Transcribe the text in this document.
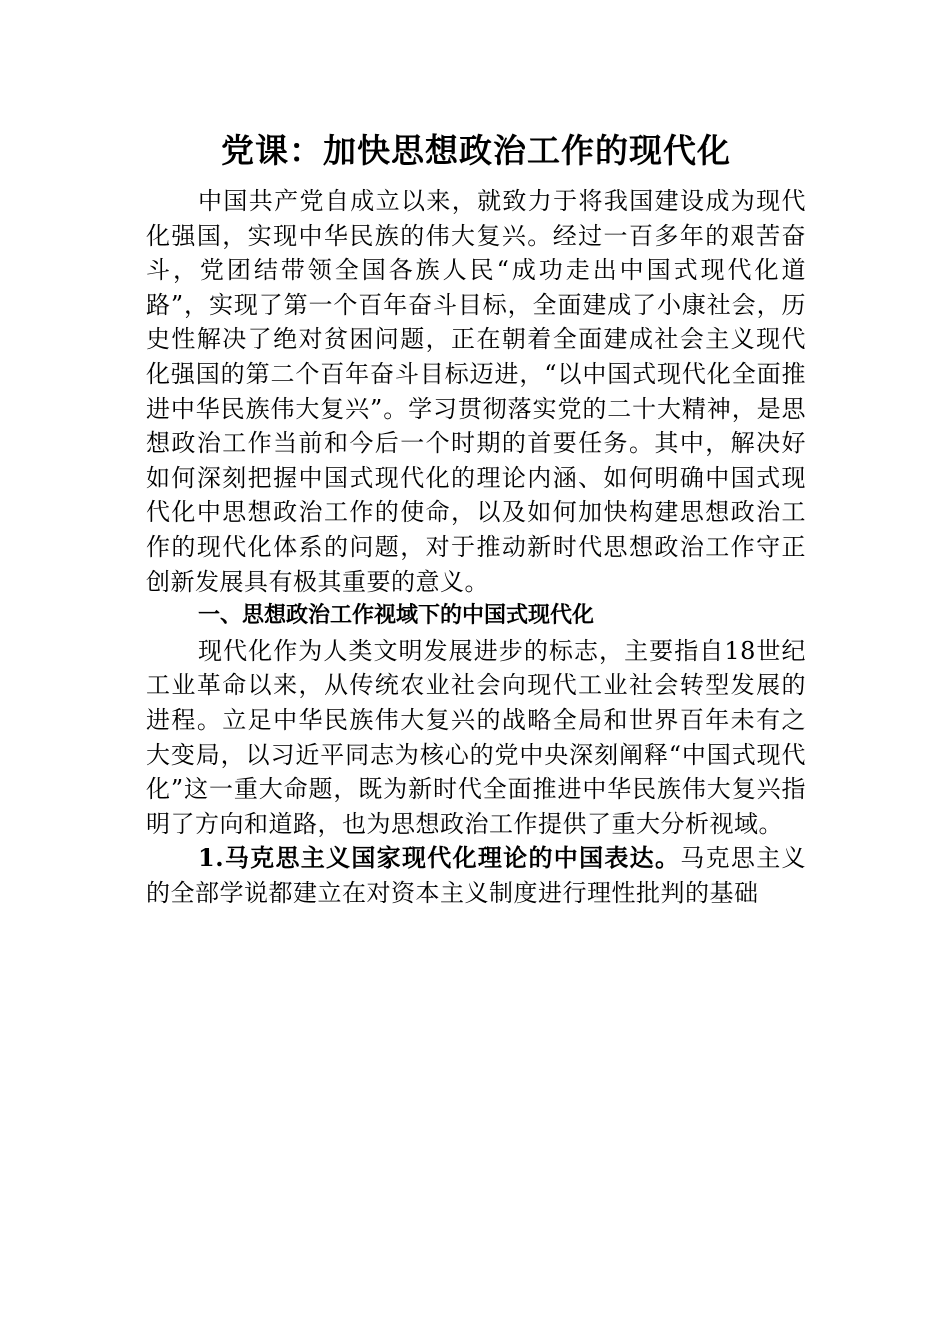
党课：加快思想政治工作的现代化

中国共产党自成立以来，就致力于将我国建设成为现代化强国，实现中华民族的伟大复兴。经过一百多年的艰苦奋斗，党团结带领全国各族人民“成功走出中国式现代化道路”，实现了第一个百年奋斗目标，全面建成了小康社会，历史性解决了绝对贫困问题，正在朝着全面建成社会主义现代化强国的第二个百年奋斗目标迈进，“以中国式现代化全面推进中华民族伟大复兴”。学习贯彻落实党的二十大精神，是思想政治工作当前和今后一个时期的首要任务。其中，解决好如何深刻把握中国式现代化的理论内涵、如何明确中国式现代化中思想政治工作的使命，以及如何加快构建思想政治工作的现代化体系的问题，对于推动新时代思想政治工作守正创新发展具有极其重要的意义。

一、思想政治工作视域下的中国式现代化

现代化作为人类文明发展进步的标志，主要指自18世纪工业革命以来，从传统农业社会向现代工业社会转型发展的进程。立足中华民族伟大复兴的战略全局和世界百年未有之大变局，以习近平同志为核心的党中央深刻阐释“中国式现代化”这一重大命题，既为新时代全面推进中华民族伟大复兴指明了方向和道路，也为思想政治工作提供了重大分析视域。

1.马克思主义国家现代化理论的中国表达。马克思主义的全部学说都建立在对资本主义制度进行理性批判的基础
